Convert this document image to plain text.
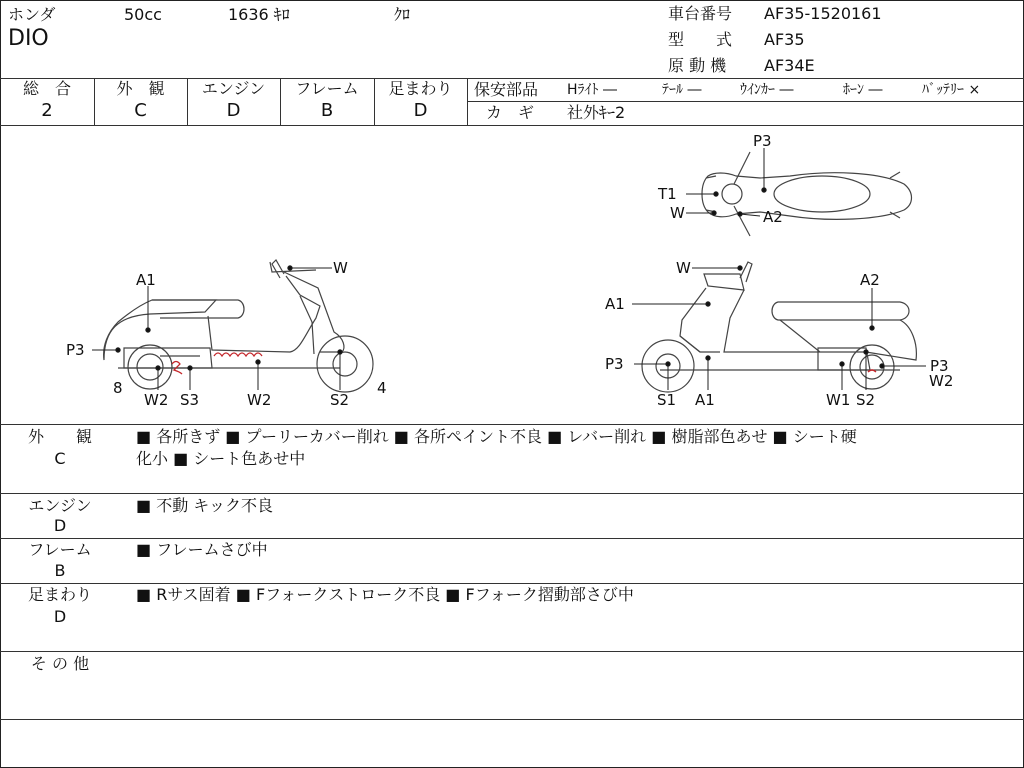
ホンダ	50cc	1636 ｷﾛ	ｸﾛ
DIO
車台番号 AF35-1520161
型　　式 AF35
原 動 機 AF34E
総　合
2
外　観
C
エンジン
D
フレーム
B
足まわり
D
保安部品 Hﾗｲﾄ ―	ﾃｰﾙ ―	ｳｲﾝｶｰ ―	ﾎｰﾝ ―	ﾊﾞｯﾃﾘｰ ×
カ　ギ 社外ｷｰ2
W
A1
P3
8
W2 S3	W2	S2
4
P3
T1
W	A2
W
A1
A2
P3
S1 A1	W1 S2
P3
W2
外　　観
C
■ 各所きず ■ プーリーカバー削れ ■ 各所ペイント不良 ■ レバー削れ ■ 樹脂部色あせ ■ シート硬
化小 ■ シート色あせ中
エンジン
D
■ 不動 キック不良
フレーム
B
■ フレームさび中
足まわり
D
■ Rサス固着 ■ Fフォークストローク不良 ■ Fフォーク摺動部さび中
そ の 他
